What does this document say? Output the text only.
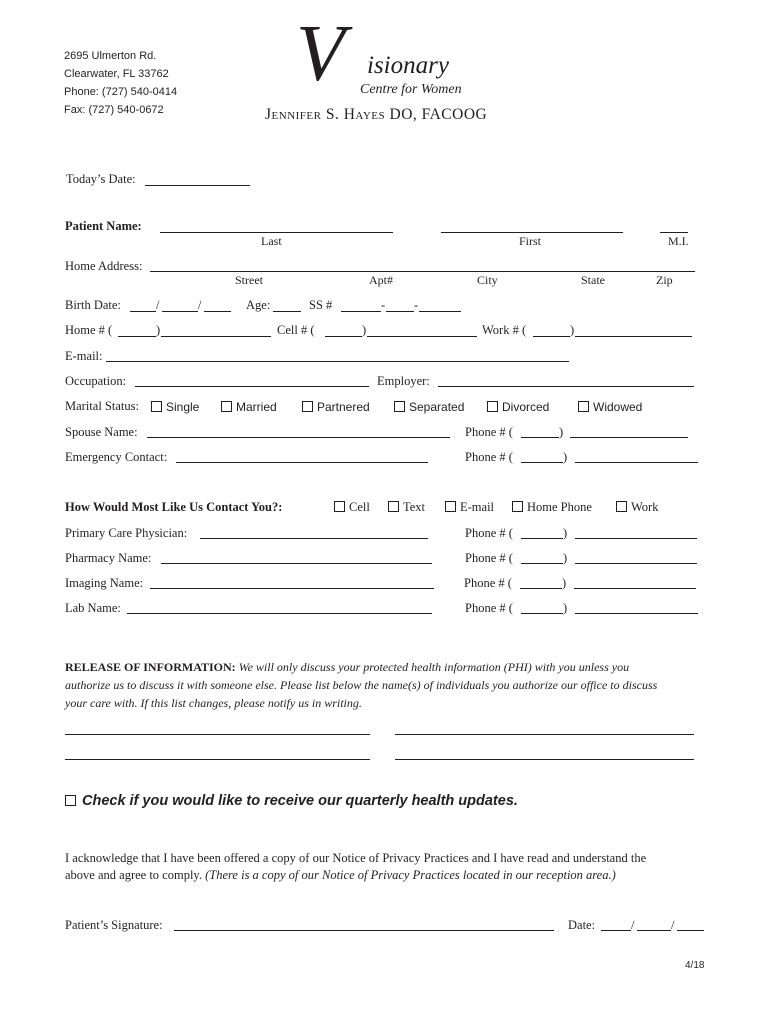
2695 Ulmerton Rd.
Clearwater, FL 33762
Phone: (727) 540-0414
Fax: (727) 540-0672
V isionary
Centre for Women
Jennifer S. Hayes DO, FACOOG
Today’s Date:
Patient Name:
Last	First	M.I.
Home Address:
Street	Apt#	City	State	Zip
Birth Date:	/	/	Age:	SS #	- -
Home # (	)	Cell # (	)	Work # (	)
E-mail:
Occupation:	Employer:
Marital Status:	Single	Married	Partnered	Separated	Divorced	Widowed
Spouse Name:	Phone # (	)
Emergency Contact:	Phone # (	)
How Would Most Like Us Contact You?:	Cell	Text	E-mail	Home Phone	Work
Primary Care Physician:	Phone # (	)
Pharmacy Name:	Phone # (	)
Imaging Name:	Phone # (	)
Lab Name:	Phone # (	)
RELEASE OF INFORMATION: We will only discuss your protected health information (PHI) with you unless you
authorize us to discuss it with someone else. Please list below the name(s) of individuals you authorize our office to discuss
your care with. If this list changes, please notify us in writing.
Check if you would like to receive our quarterly health updates.
I acknowledge that I have been offered a copy of our Notice of Privacy Practices and I have read and understand the
above and agree to comply. (There is a copy of our Notice of Privacy Practices located in our reception area.)
Patient’s Signature:	Date:	/	/
4/18
